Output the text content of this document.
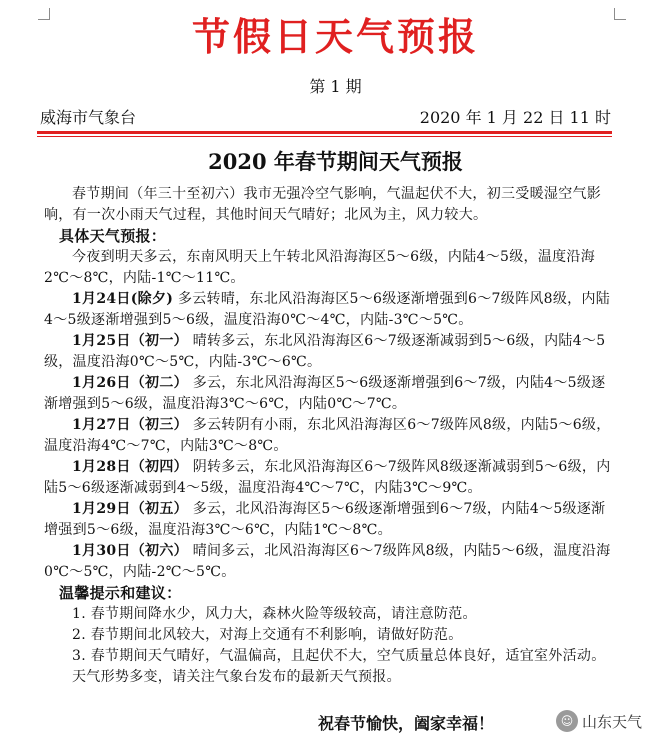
节假日天气预报
第 1 期
威海市气象台	2020 年 1 月 22 日 11 时
2020 年春节期间天气预报

春节期间（年三十至初六）我市无强冷空气影响，气温起伏不大，初三受暖湿空气影响，有一次小雨天气过程，其他时间天气晴好；北风为主，风力较大。

具体天气预报：

今夜到明天多云，东南风明天上午转北风沿海海区5～6级，内陆4～5级，温度沿海2℃～8℃，内陆-1℃～11℃。

1月24日(除夕) 多云转晴，东北风沿海海区5～6级逐渐增强到6～7级阵风8级，内陆4～5级逐渐增强到5～6级，温度沿海0℃～4℃，内陆-3℃～5℃。

1月25日（初一） 晴转多云，东北风沿海海区6～7级逐渐减弱到5～6级，内陆4～5级，温度沿海0℃～5℃，内陆-3℃～6℃。

1月26日（初二） 多云，东北风沿海海区5～6级逐渐增强到6～7级，内陆4～5级逐渐增强到5～6级，温度沿海3℃～6℃，内陆0℃～7℃。

1月27日（初三） 多云转阴有小雨，东北风沿海海区6～7级阵风8级，内陆5～6级，温度沿海4℃～7℃，内陆3℃～8℃。

1月28日（初四） 阴转多云，东北风沿海海区6～7级阵风8级逐渐减弱到5～6级，内陆5～6级逐渐减弱到4～5级，温度沿海4℃～7℃，内陆3℃～9℃。

1月29日（初五） 多云，北风沿海海区5～6级逐渐增强到6～7级，内陆4～5级逐渐增强到5～6级，温度沿海3℃～6℃，内陆1℃～8℃。

1月30日（初六） 晴间多云，北风沿海海区6～7级阵风8级，内陆5～6级，温度沿海0℃～5℃，内陆-2℃～5℃。

温馨提示和建议：

1. 春节期间降水少，风力大，森林火险等级较高，请注意防范。

2. 春节期间北风较大，对海上交通有不利影响，请做好防范。

3. 春节期间天气晴好，气温偏高，且起伏不大，空气质量总体良好，适宜室外活动。

天气形势多变，请关注气象台发布的最新天气预报。

祝春节愉快，阖家幸福！	☺ 山东天气
